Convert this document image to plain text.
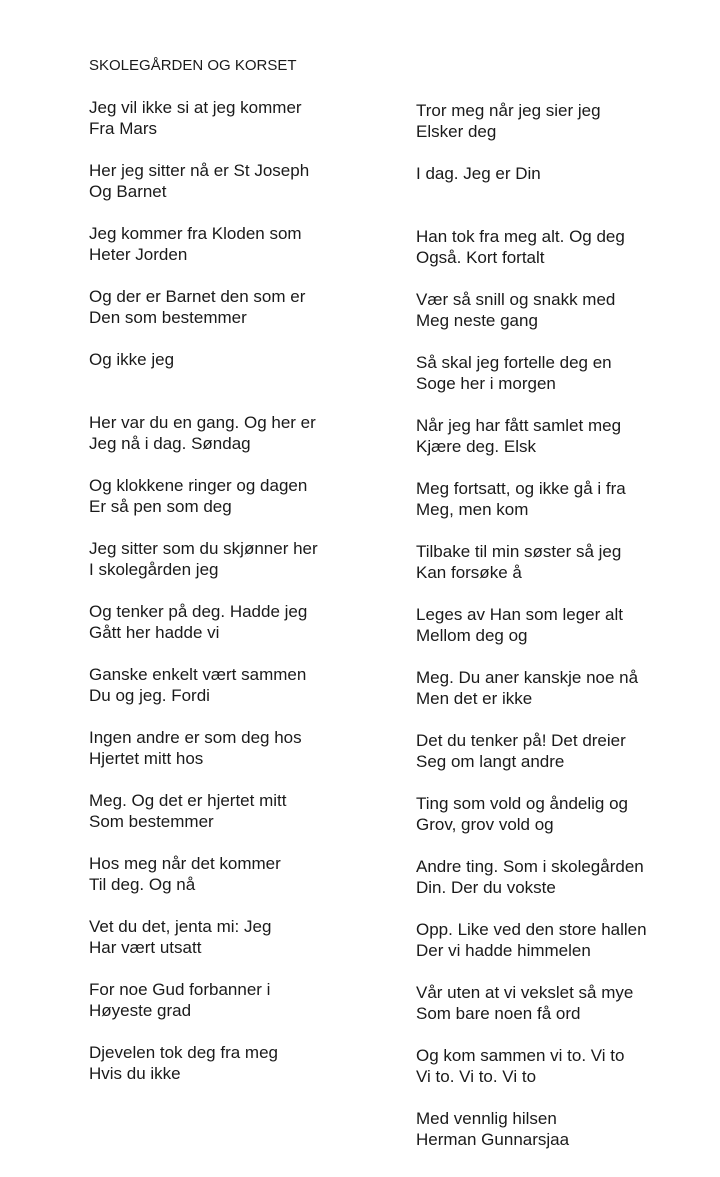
SKOLEGÅRDEN OG KORSET
Jeg vil ikke si at jeg kommer
Fra Mars
Her jeg sitter nå er St Joseph
Og Barnet
Jeg kommer fra Kloden som
Heter Jorden
Og der er Barnet den som er
Den som bestemmer
Og ikke jeg
Her var du en gang. Og her er
Jeg nå i dag. Søndag
Og klokkene ringer og dagen
Er så pen som deg
Jeg sitter som du skjønner her
I skolegården jeg
Og tenker på deg. Hadde jeg
Gått her hadde vi
Ganske enkelt vært sammen
Du og jeg. Fordi
Ingen andre er som deg hos
Hjertet mitt hos
Meg. Og det er hjertet mitt
Som bestemmer
Hos meg når det kommer
Til deg. Og nå
Vet du det, jenta mi: Jeg
Har vært utsatt
For noe Gud forbanner i
Høyeste grad
Djevelen tok deg fra meg
Hvis du ikke
Tror meg når jeg sier jeg
Elsker deg
I dag. Jeg er Din
Han tok fra meg alt. Og deg
Også. Kort fortalt
Vær så snill og snakk med
Meg neste gang
Så skal jeg fortelle deg en
Soge her i morgen
Når jeg har fått samlet meg
Kjære deg. Elsk
Meg fortsatt, og ikke gå i fra
Meg, men kom
Tilbake til min søster så jeg
Kan forsøke å
Leges av Han som leger alt
Mellom deg og
Meg. Du aner kanskje noe nå
Men det er ikke
Det du tenker på! Det dreier
Seg om langt andre
Ting som vold og åndelig og
Grov, grov vold og
Andre ting. Som i skolegården
Din. Der du vokste
Opp. Like ved den store hallen
Der vi hadde himmelen
Vår uten at vi vekslet så mye
Som bare noen få ord
Og kom sammen vi to. Vi to
Vi to. Vi to. Vi to
Med vennlig hilsen
Herman Gunnarsjaa
